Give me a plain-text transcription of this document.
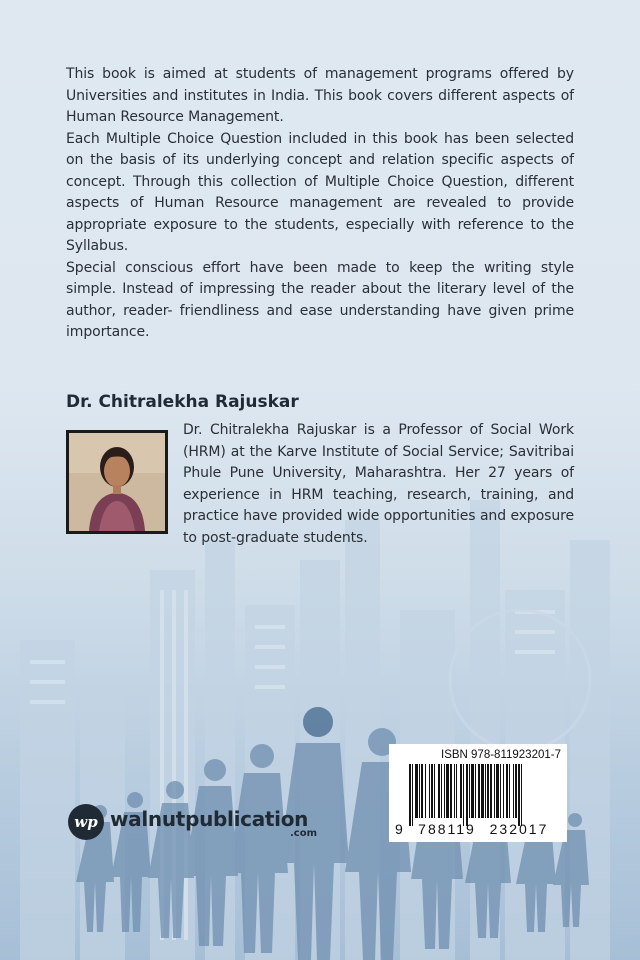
This book is aimed at students of management programs offered by Universities and institutes in India. This book covers different aspects of Human Resource Management.

Each Multiple Choice Question included in this book has been selected on the basis of its underlying concept and relation specific aspects of concept. Through this collection of Multiple Choice Question, different aspects of Human Resource management are revealed to provide appropriate exposure to the students, especially with reference to the Syllabus.

Special conscious effort have been made to keep the writing style simple. Instead of impressing the reader about the literary level of the author, reader- friendliness and ease understanding have given prime importance.

Dr. Chitralekha Rajuskar

Dr. Chitralekha Rajuskar is a Professor of Social Work (HRM) at the Karve Institute of Social Service; Savitribai Phule Pune University, Maharashtra. Her 27 years of experience in HRM teaching, research, training, and practice have provided wide opportunities and exposure to post-graduate students.

wp walnutpublication
.com

ISBN 978-811923201-7

9	788119 232017
